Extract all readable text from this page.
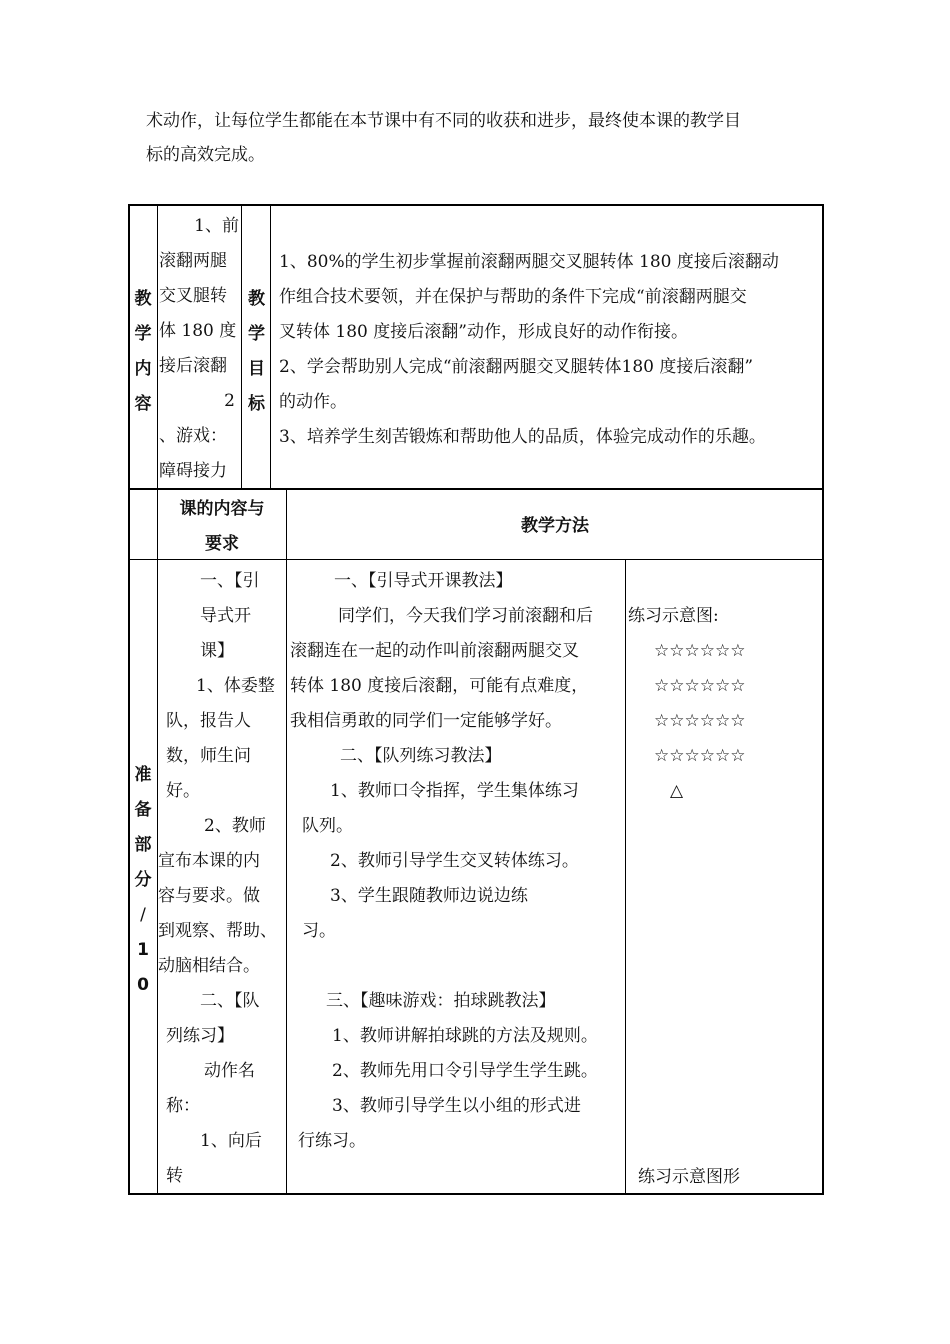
术动作，让每位学生都能在本节课中有不同的收获和进步，最终使本课的教学目

标的高效完成。

教
学
内
容
1、前
滚翻两腿
交叉腿转
体 180 度
接后滚翻
2
、游戏：
障碍接力
教
学
目
标
1、80%的学生初步掌握前滚翻两腿交叉腿转体 180 度接后滚翻动
作组合技术要领，并在保护与帮助的条件下完成“前滚翻两腿交
叉转体 180 度接后滚翻”动作，形成良好的动作衔接。
2、学会帮助别人完成“前滚翻两腿交叉腿转体180 度接后滚翻”
的动作。
3、培养学生刻苦锻炼和帮助他人的品质，体验完成动作的乐趣。
课的内容与
要求
教学方法
准
备
部
分
/
1
0
一、【引
导式开
课】
1、体委整
队，报告人
数，师生问
好。
2、教师
宣布本课的内
容与要求。做
到观察、帮助、
动脑相结合。
二、【队
列练习】
动作名
称：
1、向后
转
一、【引导式开课教法】
同学们，今天我们学习前滚翻和后
滚翻连在一起的动作叫前滚翻两腿交叉
转体 180 度接后滚翻，可能有点难度，
我相信勇敢的同学们一定能够学好。
二、【队列练习教法】
1、教师口令指挥，学生集体练习
队列。
2、教师引导学生交叉转体练习。
3、学生跟随教师边说边练
习。
三、【趣味游戏：拍球跳教法】
1、教师讲解拍球跳的方法及规则。
2、教师先用口令引导学生学生跳。
3、教师引导学生以小组的形式进
行练习。
练习示意图:
☆☆☆☆☆☆
☆☆☆☆☆☆
☆☆☆☆☆☆
☆☆☆☆☆☆
△
练习示意图形
